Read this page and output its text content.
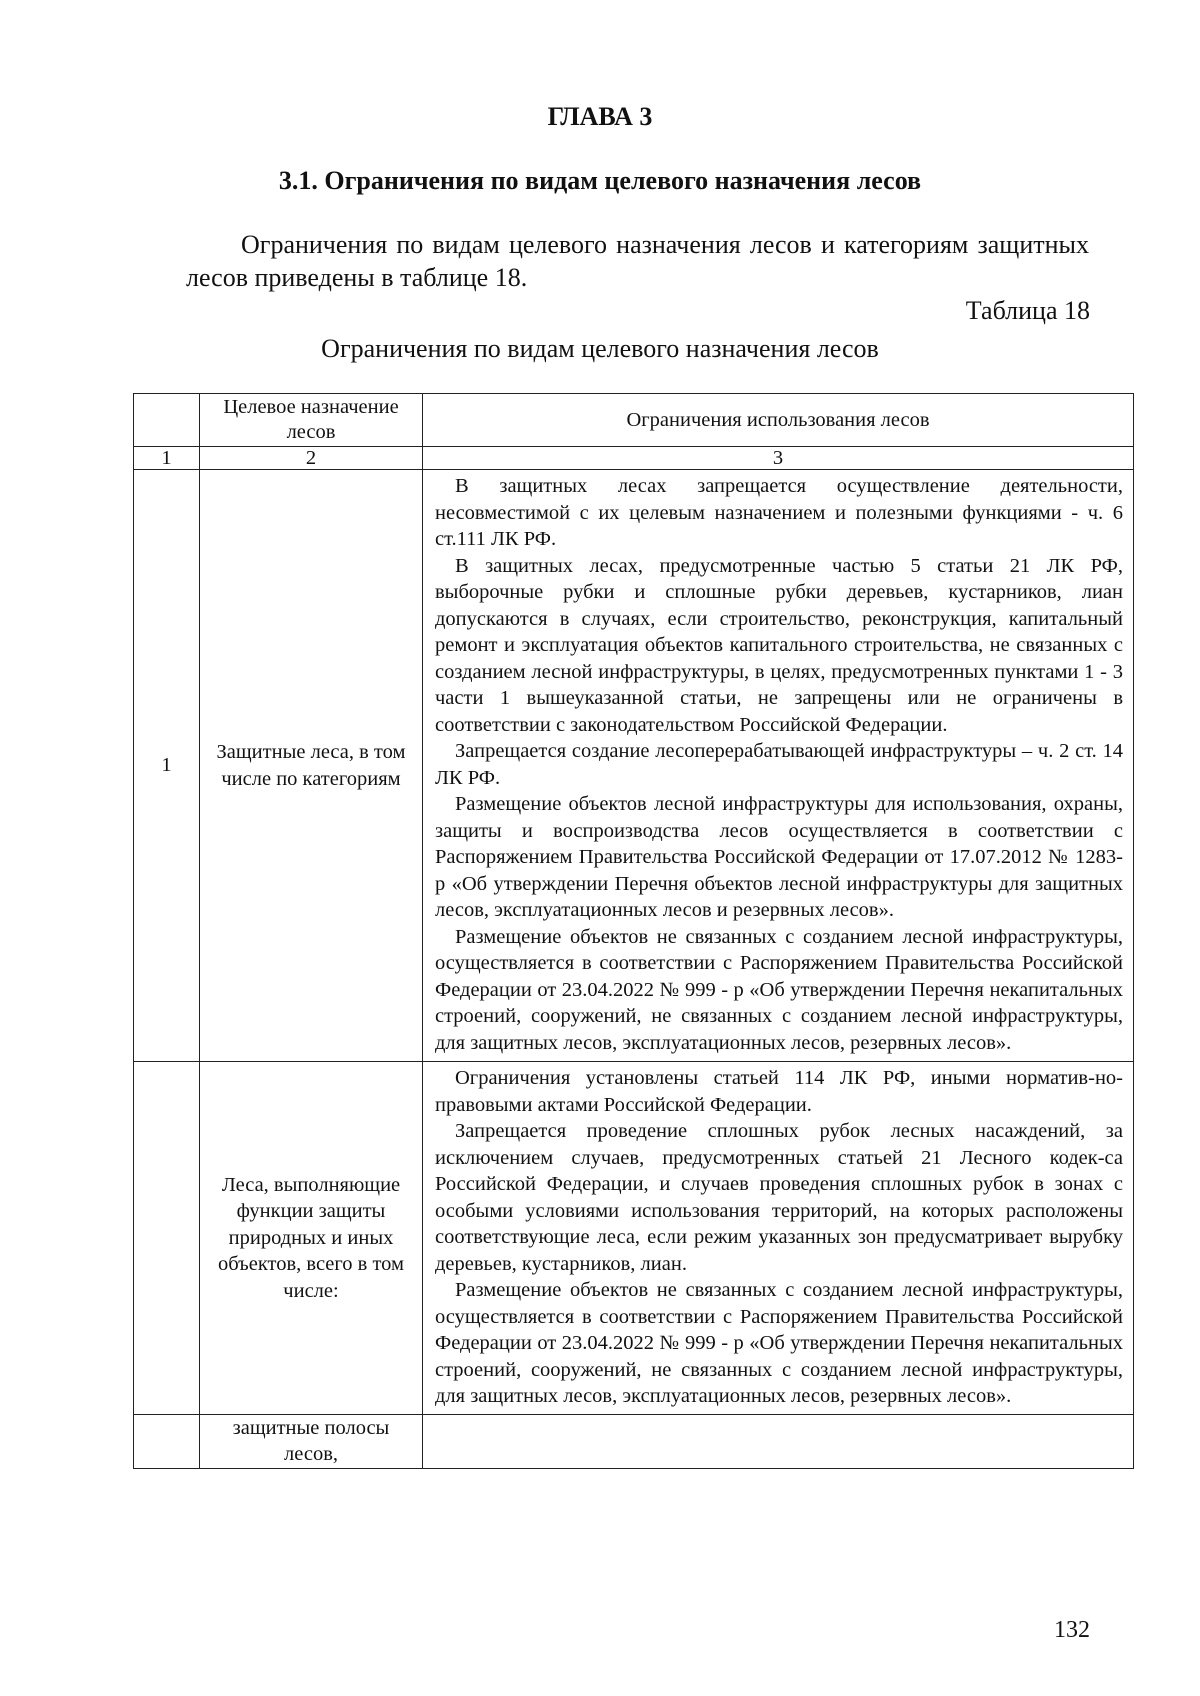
ГЛАВА 3
3.1. Ограничения по видам целевого назначения лесов

Ограничения по видам целевого назначения лесов и категориям защитных лесов приведены в таблице 18.

Таблица 18
Ограничения по видам целевого назначения лесов
	Целевое назначение лесов	Ограничения использования лесов
1	2	3
1	Защитные леса, в том числе по категориям	В защитных лесах запрещается осуществление деятельности, несовместимой с их целевым назначением и полезными функциями - ч. 6 ст.111 ЛК РФ.

В защитных лесах, предусмотренные частью 5 статьи 21 ЛК РФ, выборочные рубки и сплошные рубки деревьев, кустарников, лиан допускаются в случаях, если строительство, реконструкция, капитальный ремонт и эксплуатация объектов капитального строительства, не связанных с созданием лесной инфраструктуры, в целях, предусмотренных пунктами 1 - 3 части 1 вышеуказанной статьи, не запрещены или не ограничены в соответствии с законодательством Российской Федерации.

Запрещается создание лесоперерабатывающей инфраструктуры – ч. 2 ст. 14 ЛК РФ.

Размещение объектов лесной инфраструктуры для использования, охраны, защиты и воспроизводства лесов осуществляется в соответствии с Распоряжением Правительства Российской Федерации от 17.07.2012 № 1283-р «Об утверждении Перечня объектов лесной инфраструктуры для защитных лесов, эксплуатационных лесов и резервных лесов».

Размещение объектов не связанных с созданием лесной инфраструктуры, осуществляется в соответствии с Распоряжением Правительства Российской Федерации от 23.04.2022 № 999 - р «Об утверждении Перечня некапитальных строений, сооружений, не связанных с созданием лесной инфраструктуры, для защитных лесов, эксплуатационных лесов, резервных лесов».

	Леса, выполняющие функции защиты природных и иных объектов, всего в том числе:	Ограничения установлены статьей 114 ЛК РФ, иными норматив-но-правовыми актами Российской Федерации.

Запрещается проведение сплошных рубок лесных насаждений, за исключением случаев, предусмотренных статьей 21 Лесного кодек-са Российской Федерации, и случаев проведения сплошных рубок в зонах с особыми условиями использования территорий, на которых расположены соответствующие леса, если режим указанных зон предусматривает вырубку деревьев, кустарников, лиан.

Размещение объектов не связанных с созданием лесной инфраструктуры, осуществляется в соответствии с Распоряжением Правительства Российской Федерации от 23.04.2022 № 999 - р «Об утверждении Перечня некапитальных строений, сооружений, не связанных с созданием лесной инфраструктуры, для защитных лесов, эксплуатационных лесов, резервных лесов».

	защитные полосы лесов,	
132
